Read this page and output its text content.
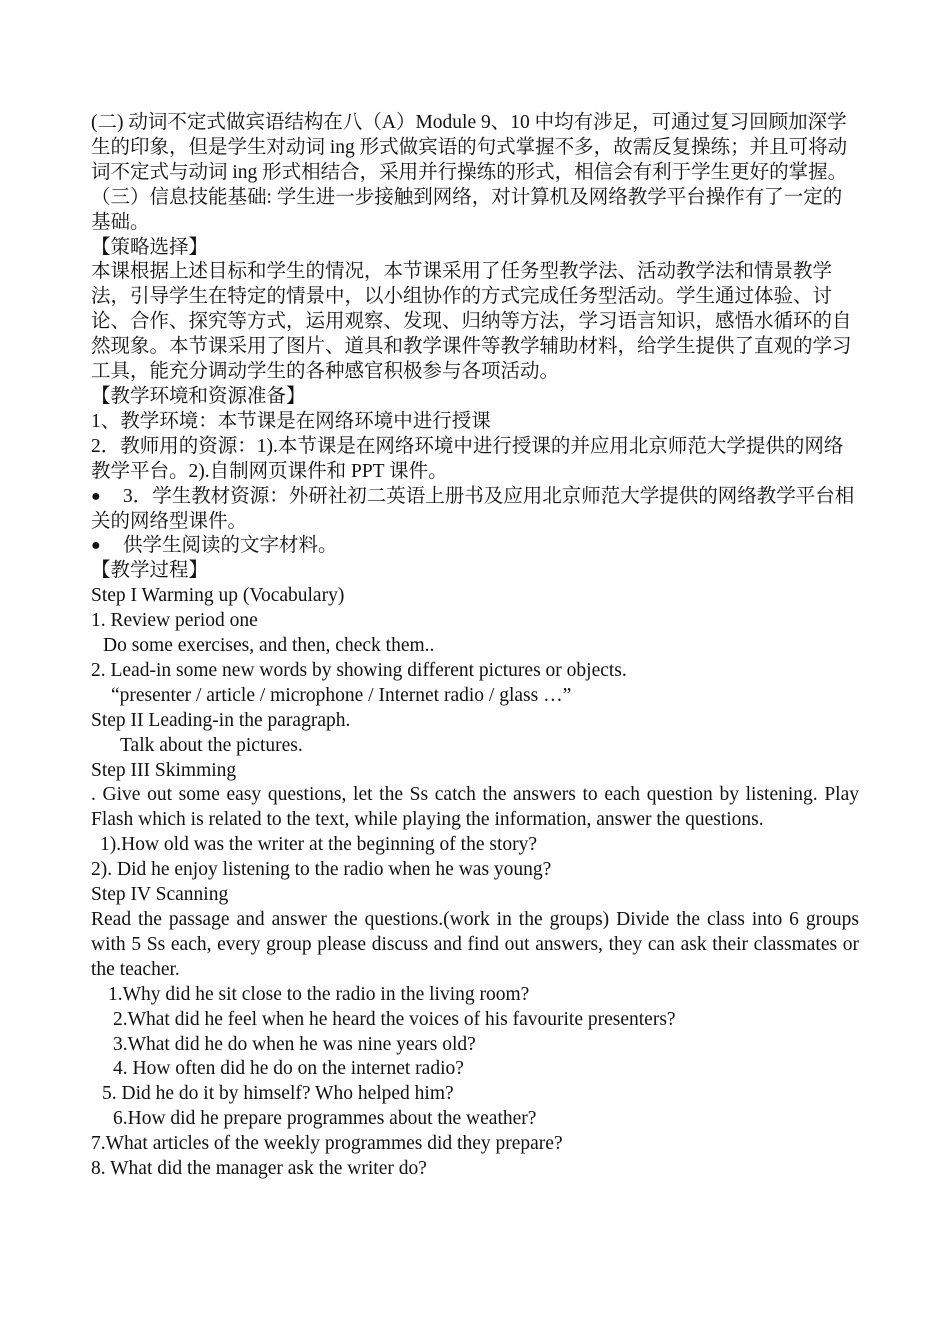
(二) 动词不定式做宾语结构在八（A）Module 9、10 中均有涉足，可通过复习回顾加深学生的印象，但是学生对动词 ing 形式做宾语的句式掌握不多，故需反复操练；并且可将动词不定式与动词 ing 形式相结合，采用并行操练的形式，相信会有利于学生更好的掌握。

（三）信息技能基础: 学生进一步接触到网络，对计算机及网络教学平台操作有了一定的基础。

【策略选择】

本课根据上述目标和学生的情况，本节课采用了任务型教学法、活动教学法和情景教学法，引导学生在特定的情景中，以小组协作的方式完成任务型活动。学生通过体验、讨论、合作、探究等方式，运用观察、发现、归纳等方法，学习语言知识，感悟水循环的自然现象。本节课采用了图片、道具和教学课件等教学辅助材料，给学生提供了直观的学习工具，能充分调动学生的各种感官积极参与各项活动。

【教学环境和资源准备】

1、教学环境：本节课是在网络环境中进行授课

2．教师用的资源：1).本节课是在网络环境中进行授课的并应用北京师范大学提供的网络教学平台。2).自制网页课件和 PPT 课件。

●	3．学生教材资源：外研社初二英语上册书及应用北京师范大学提供的网络教学平台相关的网络型课件。
●	供学生阅读的文字材料。

【教学过程】

Step I Warming up (Vocabulary)

1. Review period one

Do some exercises, and then, check them..

2. Lead-in some new words by showing different pictures or objects.

“presenter / article / microphone / Internet radio / glass …”

Step II Leading-in the paragraph.

Talk about the pictures.

Step III Skimming

. Give out some easy questions, let the Ss catch the answers to each question by listening. Play Flash which is related to the text, while playing the information, answer the questions.

1).How old was the writer at the beginning of the story?

2). Did he enjoy listening to the radio when he was young?

Step IV Scanning

Read the passage and answer the questions.(work in the groups) Divide the class into 6 groups with 5 Ss each, every group please discuss and find out answers, they can ask their classmates or the teacher.

1.Why did he sit close to the radio in the living room?

2.What did he feel when he heard the voices of his favourite presenters?

3.What did he do when he was nine years old?

4. How often did he do on the internet radio?

5. Did he do it by himself? Who helped him?

6.How did he prepare programmes about the weather?

7.What articles of the weekly programmes did they prepare?

8. What did the manager ask the writer do?
